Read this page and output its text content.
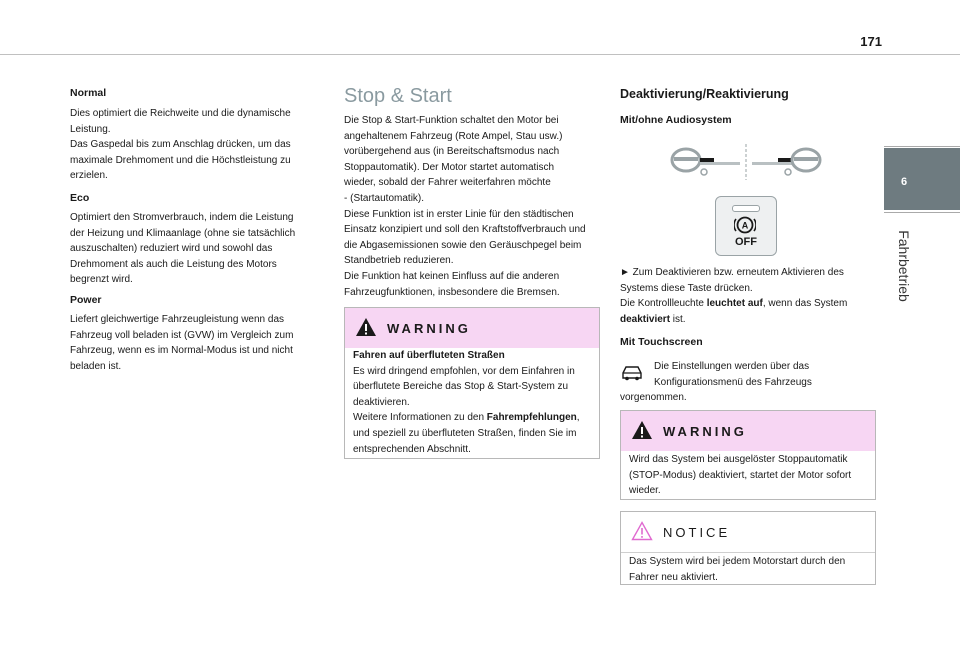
171
6
Fahrbetrieb
Normal
Dies optimiert die Reichweite und die dynamische
Leistung.
Das Gaspedal bis zum Anschlag drücken, um das
maximale Drehmoment und die Höchstleistung zu
erzielen.
Eco
Optimiert den Stromverbrauch, indem die Leistung
der Heizung und Klimaanlage (ohne sie tatsächlich
auszuschalten) reduziert wird und sowohl das
Drehmoment als auch die Leistung des Motors
begrenzt wird.
Power
Liefert gleichwertige Fahrzeugleistung wenn das
Fahrzeug voll beladen ist (GVW) im Vergleich zum
Fahrzeug, wenn es im Normal-Modus ist und nicht
beladen ist.
Stop & Start
Die Stop & Start-Funktion schaltet den Motor bei
angehaltenem Fahrzeug (Rote Ampel, Stau usw.)
vorübergehend aus (in Bereitschaftsmodus nach
Stoppautomatik). Der Motor startet automatisch
wieder, sobald der Fahrer weiterfahren möchte
- (Startautomatik).
Diese Funktion ist in erster Linie für den städtischen
Einsatz konzipiert und soll den Kraftstoffverbrauch und
die Abgasemissionen sowie den Geräuschpegel beim
Standbetrieb reduzieren.
Die Funktion hat keinen Einfluss auf die anderen
Fahrzeugfunktionen, insbesondere die Bremsen.
WARNING
Fahren auf überfluteten Straßen
Es wird dringend empfohlen, vor dem Einfahren in
überflutete Bereiche das Stop & Start-System zu
deaktivieren.
Weitere Informationen zu den Fahrempfehlungen,
und speziell zu überfluteten Straßen, finden Sie im
entsprechenden Abschnitt.
Deaktivierung/Reaktivierung
Mit/ohne Audiosystem
A
OFF
► Zum Deaktivieren bzw. erneutem Aktivieren des
Systems diese Taste drücken.
Die Kontrollleuchte leuchtet auf, wenn das System
deaktiviert ist.
Mit Touchscreen
Die Einstellungen werden über das
Konfigurationsmenü des Fahrzeugs
vorgenommen.
WARNING
Wird das System bei ausgelöster Stoppautomatik
(STOP-Modus) deaktiviert, startet der Motor sofort
wieder.
NOTICE
Das System wird bei jedem Motorstart durch den
Fahrer neu aktiviert.
